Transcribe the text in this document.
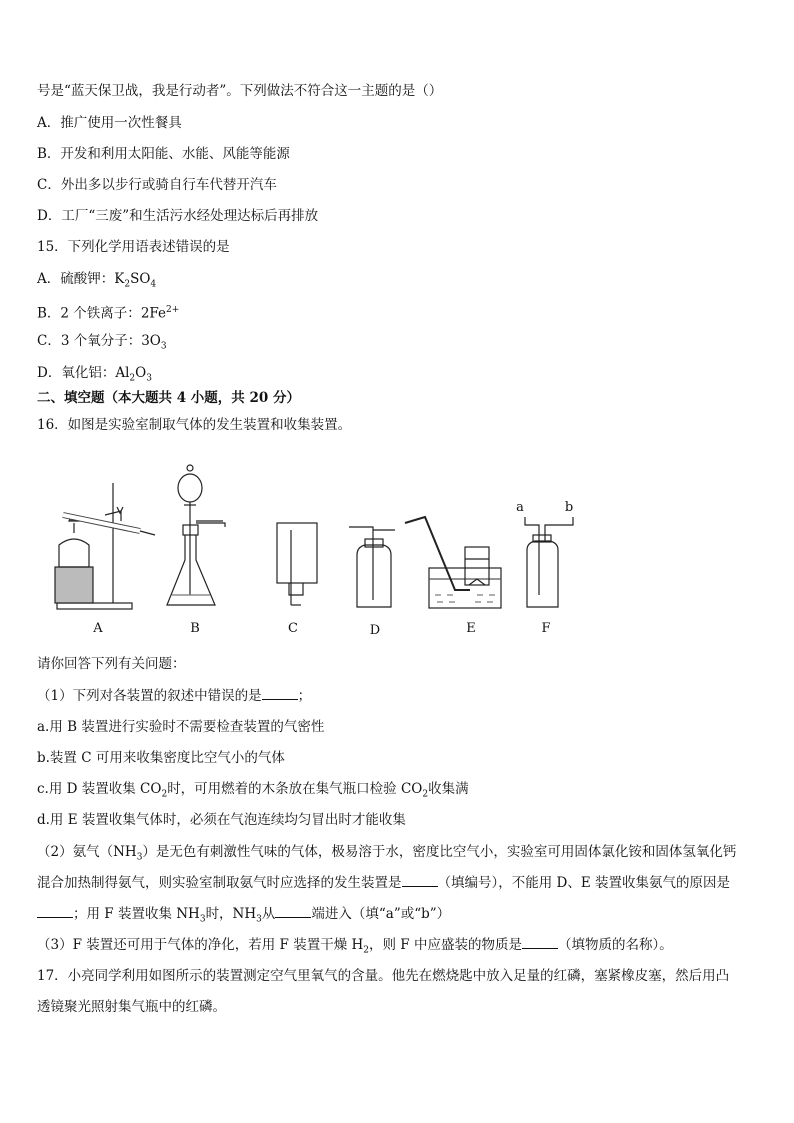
号是“蓝天保卫战，我是行动者”。下列做法不符合这一主题的是（）
A．推广使用一次性餐具
B．开发和利用太阳能、水能、风能等能源
C．外出多以步行或骑自行车代替开汽车
D．工厂“三废”和生活污水经处理达标后再排放
15．下列化学用语表述错误的是
A．硫酸钾：$K_2SO_4$
B．2 个铁离子：$2Fe^{2+}$
C．3 个氧分子：$3O_3$
D．氧化铝：$Al_2O_3$
二、填空题（本大题共 4 小题，共 20 分）
16．如图是实验室制取气体的发生装置和收集装置。
A	B	C	D	E	F
a	b
请你回答下列有关问题：
（1）下列对各装置的叙述中错误的是	；
a.用 B 装置进行实验时不需要检查装置的气密性
b.装置 C 可用来收集密度比空气小的气体
c.用 D 装置收集 $CO_2$时，可用燃着的木条放在集气瓶口检验 $CO_2$收集满
d.用 E 装置收集气体时，必须在气泡连续均匀冒出时才能收集
（2）氨气$(NH_3)$是无色有刺激性气味的气体，极易溶于水，密度比空气小，实验室可用固体氯化铵和固体氢氧化钙
混合加热制得氨气，则实验室制取氨气时应选择的发生装置是	（填编号），不能用 D、E 装置收集氨气的原因是
；用 F 装置收集 $NH_3$时，$NH_3$从	端进入（填“a”或“b”）
（3）F 装置还可用于气体的净化，若用 F 装置干燥 $H_2$，则 F 中应盛装的物质是	（填物质的名称）。
17．小亮同学利用如图所示的装置测定空气里氧气的含量。他先在燃烧匙中放入足量的红磷，塞紧橡皮塞，然后用凸
透镜聚光照射集气瓶中的红磷。
